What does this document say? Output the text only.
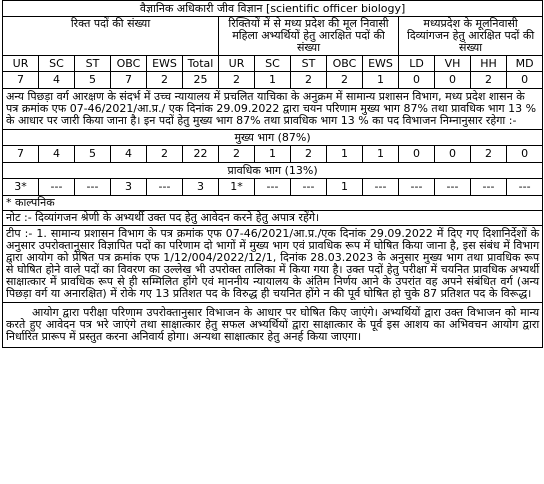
वैज्ञानिक अधिकारी जीव विज्ञान [scientific officer biology]														
रिक्त पदों की संख्या						रिक्तियों में से मध्य प्रदेश की मूल निवासी महिला अभ्यर्थियों हेतु आरक्षित पदों की संख्या					मध्यप्रदेश के मूलनिवासी दिव्यांगजन हेतु आरक्षित पदों की संख्या			
UR	SC	ST	OBC	EWS	Total	UR	SC	ST	OBC	EWS	LD	VH	HH	MD
7	4	5	7	2	25	2	1	2	2	1	0	0	2	0
अन्य पिछड़ा वर्ग आरक्षण के संदर्भ में उच्च न्यायालय में प्रचलित याचिका के अनुक्रम में सामान्य प्रशासन विभाग, मध्य प्रदेश शासन के पत्र क्रमांक एफ 07-46/2021/आ.प्र./ एक दिनांक 29.09.2022 द्वारा चयन परिणाम मुख्य भाग 87% तथा प्रावधिक भाग 13 % के आधार पर जारी किया जाना है। इन पदों हेतु मुख्य भाग 87% तथा प्रावधिक भाग 13 % का पद विभाजन निम्नानुसार रहेगा :-														
मुख्य भाग (87%)														
7	4	5	4	2	22	2	1	2	1	1	0	0	2	0
प्रावधिक भाग (13%)														
3*	---	---	3	---	3	1*	---	---	1	---	---	---	---	---
* काल्पनिक														
नोट :- दिव्यांगजन श्रेणी के अभ्यर्थी उक्त पद हेतु आवेदन करने हेतु अपात्र रहेंगे।														
टीप :- 1. सामान्य प्रशासन विभाग के पत्र क्रमांक एफ 07-46/2021/आ.प्र./एक दिनांक 29.09.2022 में दिए गए दिशानिर्देशों के अनुसार उपरोक्तानुसार विज्ञापित पदों का परिणाम दो भागों में मुख्य भाग एवं प्रावधिक रूप में घोषित किया जाना है, इस संबंध में विभाग द्वारा आयोग को प्रेषित पत्र क्रमांक एफ 1/12/004/2022/12/1, दिनांक 28.03.2023 के अनुसार मुख्य भाग तथा प्रावधिक रूप से घोषित होने वाले पदों का विवरण का उल्लेख भी उपरोक्त तालिका में किया गया है। उक्त पदों हेतु परीक्षा में चयनित प्रावधिक अभ्यर्थी साक्षात्कार में प्रावधिक रूप से ही सम्मिलित होंगे एवं माननीय न्यायालय के अंतिम निर्णय आने के उपरांत वह अपने संबंधित वर्ग (अन्य पिछड़ा वर्ग या अनारक्षित) में रोके गए 13 प्रतिशत पद के विरुद्ध ही चयनित होंगे न की पूर्व घोषित हो चुके 87 प्रतिशत पद के विरूद्ध।														
आयोग द्वारा परीक्षा परिणाम उपरोक्तानुसार विभाजन के आधार पर घोषित किए जाएंगे। अभ्यर्थियों द्वारा उक्त विभाजन को मान्य करते हुए आवेदन पत्र भरे जाएंगे तथा साक्षात्कार हेतु सफल अभ्यर्थियों द्वारा साक्षात्कार के पूर्व इस आशय का अभिवचन आयोग द्वारा निर्धारित प्रारूप में प्रस्तुत करना अनिवार्य होगा। अन्यथा साक्षात्कार हेतु अनर्ह किया जाएगा।														
